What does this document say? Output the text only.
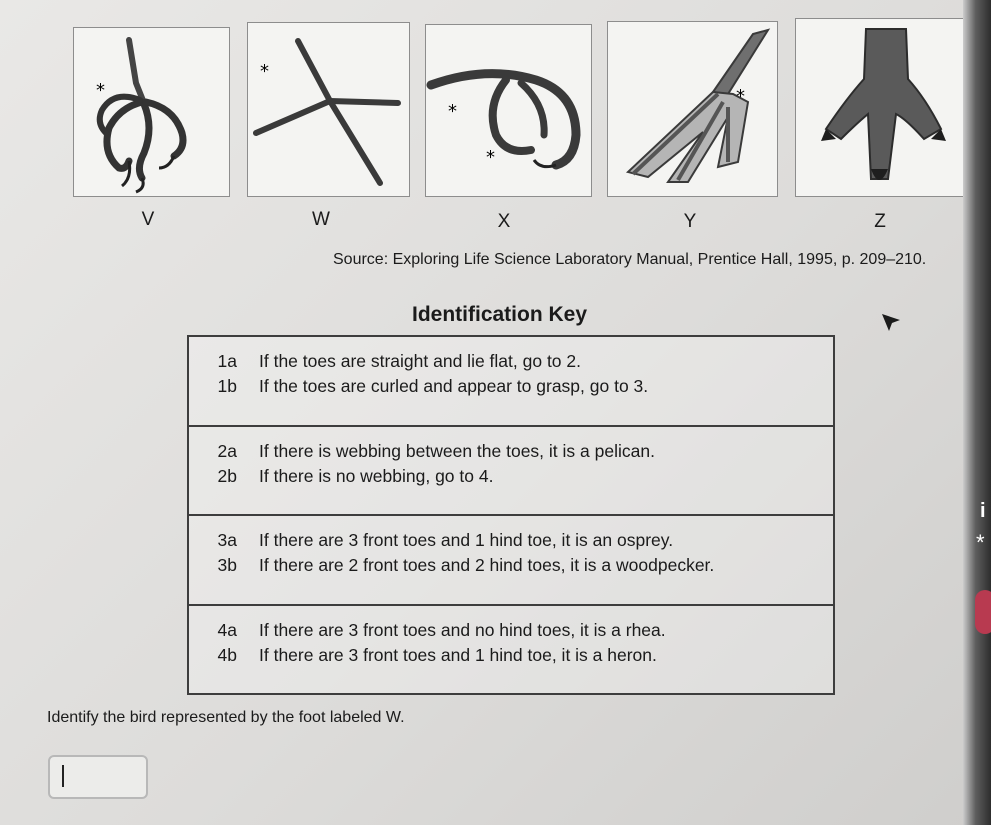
*
*
*
*
*
V	W	X	Y	Z
Source: Exploring Life Science Laboratory Manual, Prentice Hall, 1995, p. 209–210.
Identification Key
1a	If the toes are straight and lie flat, go to 2.
1b	If the toes are curled and appear to grasp, go to 3.

2a	If there is webbing between the toes, it is a pelican.
2b	If there is no webbing, go to 4.

3a	If there are 3 front toes and 1 hind toe, it is an osprey.
3b	If there are 2 front toes and 2 hind toes, it is a woodpecker.

4a	If there are 3 front toes and no hind toes, it is a rhea.
4b	If there are 3 front toes and 1 hind toe, it is a heron.
Identify the bird represented by the foot labeled W.
i
*
